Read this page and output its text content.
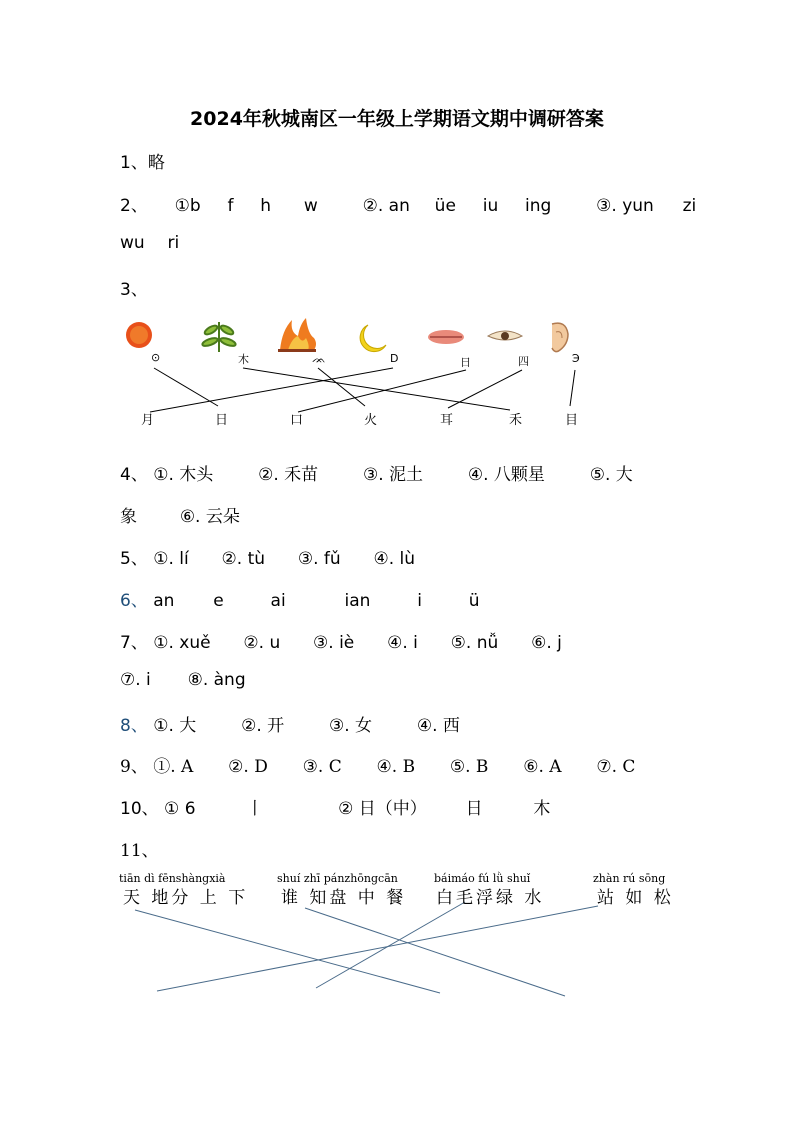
2024年秋城南区一年级上学期语文期中调研答案
1、略
2、 ①b f h w	②. an üe iu ing	③. yun zi
wu ri
3、
⊙	木	ᨏ	D	日	四	Э
月	日	口	火	耳	禾	目
4、 ①. 木头	②. 禾苗	③. 泥土	④. 八颗星	⑤. 大
象	⑥. 云朵
5、 ①. lí ②. tù ③. fǔ ④. lù
6、 an e	ai	ian	i	ü
7、 ①. xuě ②. u ③. iè ④. i ⑤. nǚ ⑥. j
⑦. i ⑧. àng
8、 ①. 大	②. 开	③. 女	④. 西
9、 ①. A ②. D ③. C ④. B ⑤. B ⑥. A ⑦. C
10、 ① 6	丨	② 日（中） 日	木
11、
tiān dì fēnshàngxià	shuí zhī pánzhōngcān	báimáo fú lǜ shuǐ	zhàn rú sōng
天 地分 上 下 谁 知盘 中 餐 白毛浮绿 水	站 如 松
